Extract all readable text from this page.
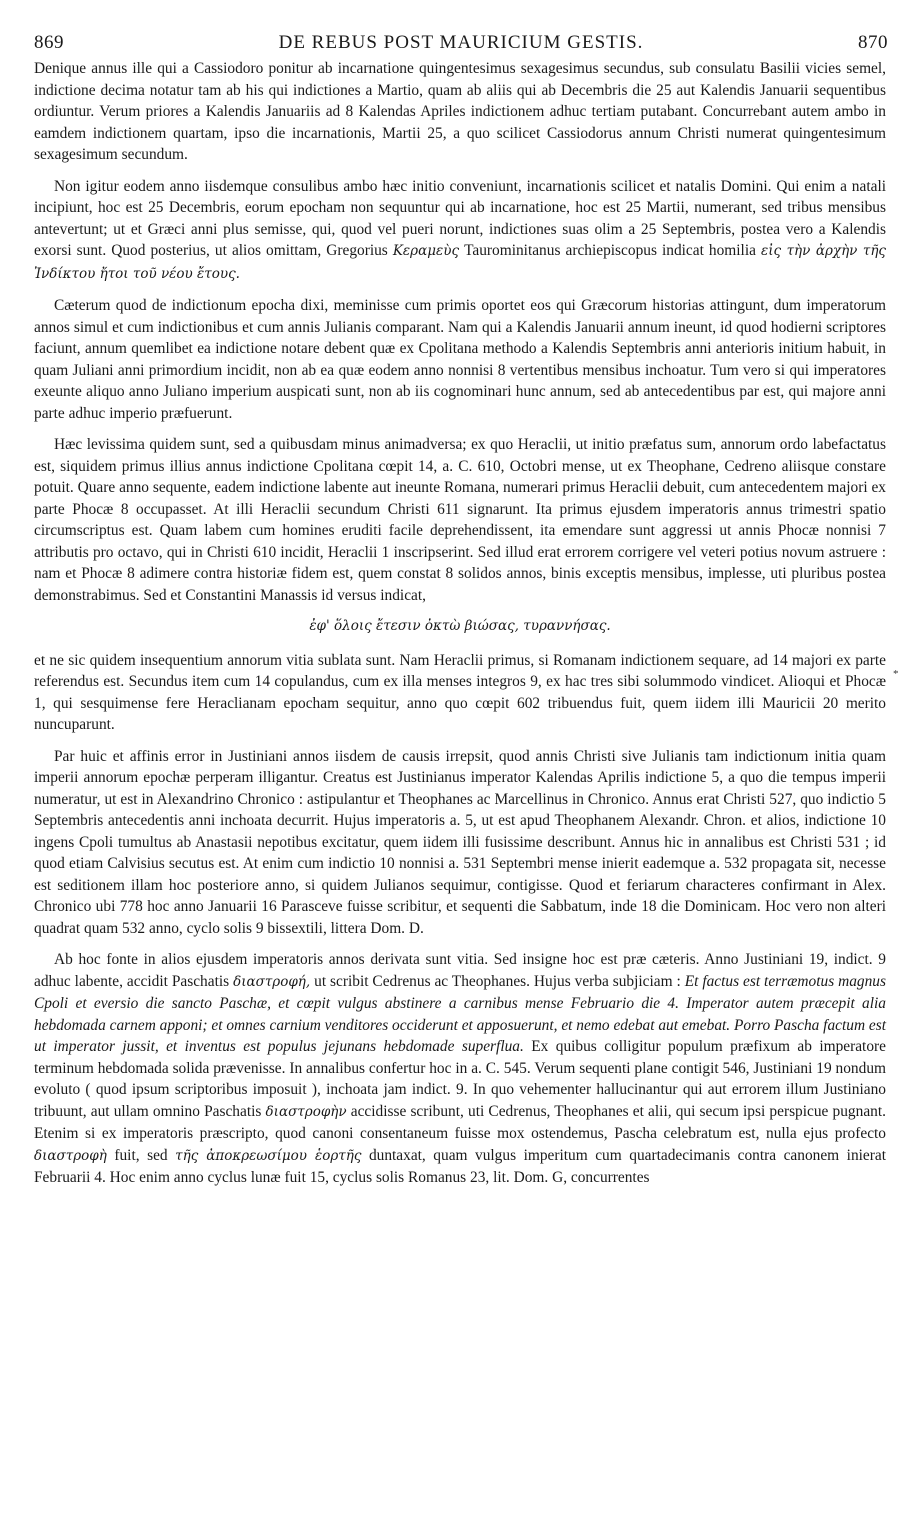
869	DE REBUS POST MAURICIUM GESTIS.	870

Denique annus ille qui a Cassiodoro ponitur ab incarnatione quingentesimus sexagesimus secundus, sub consulatu Basilii vicies semel, indictione decima notatur tam ab his qui indictiones a Martio, quam ab aliis qui ab Decembris die 25 aut Kalendis Januarii sequentibus ordiuntur. Verum priores a Kalendis Januariis ad 8 Kalendas Apriles indictionem adhuc tertiam putabant. Concurrebant autem ambo in eamdem indictionem quartam, ipso die incarnationis, Martii 25, a quo scilicet Cassiodorus annum Christi numerat quingentesimum sexagesimum secundum.

Non igitur eodem anno iisdemque consulibus ambo hæc initio conveniunt, incarnationis scilicet et natalis Domini. Qui enim a natali incipiunt, hoc est 25 Decembris, eorum epocham non sequuntur qui ab incarnatione, hoc est 25 Martii, numerant, sed tribus mensibus antevertunt; ut et Græci anni plus semisse, qui, quod vel pueri norunt, indictiones suas olim a 25 Septembris, postea vero a Kalendis exorsi sunt. Quod posterius, ut alios omittam, Gregorius Κεραμεὺς Taurominitanus archiepiscopus indicat homilia εἰς τὴν ἀρχὴν τῆς Ἰνδίκτου ἤτοι τοῦ νέου ἔτους.

Cæterum quod de indictionum epocha dixi, meminisse cum primis oportet eos qui Græcorum historias attingunt, dum imperatorum annos simul et cum indictionibus et cum annis Julianis comparant. Nam qui a Kalendis Januarii annum ineunt, id quod hodierni scriptores faciunt, annum quemlibet ea indictione notare debent quæ ex Cpolitana methodo a Kalendis Septembris anni anterioris initium habuit, in quam Juliani anni primordium incidit, non ab ea quæ eodem anno nonnisi 8 vertentibus mensibus inchoatur. Tum vero si qui imperatores exeunte aliquo anno Juliano imperium auspicati sunt, non ab iis cognominari hunc annum, sed ab antecedentibus par est, qui majore anni parte adhuc imperio præfuerunt.

Hæc levissima quidem sunt, sed a quibusdam minus animadversa; ex quo Heraclii, ut initio præfatus sum, annorum ordo labefactatus est, siquidem primus illius annus indictione Cpolitana cœpit 14, a. C. 610, Octobri mense, ut ex Theophane, Cedreno aliisque constare potuit. Quare anno sequente, eadem indictione labente aut ineunte Romana, numerari primus Heraclii debuit, cum antecedentem majori ex parte Phocæ 8 occupasset. At illi Heraclii secundum Christi 611 signarunt. Ita primus ejusdem imperatoris annus trimestri spatio circumscriptus est. Quam labem cum homines eruditi facile deprehendissent, ita emendare sunt aggressi ut annis Phocæ nonnisi 7 attributis pro octavo, qui in Christi 610 incidit, Heraclii 1 inscripserint. Sed illud erat errorem corrigere vel veteri potius novum astruere : nam et Phocæ 8 adimere contra historiæ fidem est, quem constat 8 solidos annos, binis exceptis mensibus, implesse, uti pluribus postea demonstrabimus. Sed et Constantini Manassis id versus indicat,

ἐφ' ὅλοις ἔτεσιν ὀκτὼ βιώσας, τυραννήσας.

et ne sic quidem insequentium annorum vitia sublata sunt. Nam Heraclii primus, si Romanam indictionem sequare, ad 14 majori ex parte referendus est. Secundus item cum 14 copulandus, cum ex illa menses integros 9, ex hac tres sibi solummodo vindicet. Alioqui et Phocæ 1, qui sesquimense fere Heraclianam epocham sequitur, anno quo cœpit 602 tribuendus fuit, quem iidem illi Mauricii 20 merito nuncuparunt.

Par huic et affinis error in Justiniani annos iisdem de causis irrepsit, quod annis Christi sive Julianis tam indictionum initia quam imperii annorum epochæ perperam illigantur. Creatus est Justinianus imperator Kalendas Aprilis indictione 5, a quo die tempus imperii numeratur, ut est in Alexandrino Chronico : astipulantur et Theophanes ac Marcellinus in Chronico. Annus erat Christi 527, quo indictio 5 Septembris antecedentis anni inchoata decurrit. Hujus imperatoris a. 5, ut est apud Theophanem Alexandr. Chron. et alios, indictione 10 ingens Cpoli tumultus ab Anastasii nepotibus excitatur, quem iidem illi fusissime describunt. Annus hic in annalibus est Christi 531 ; id quod etiam Calvisius secutus est. At enim cum indictio 10 nonnisi a. 531 Septembri mense inierit eademque a. 532 propagata sit, necesse est seditionem illam hoc posteriore anno, si quidem Julianos sequimur, contigisse. Quod et feriarum characteres confirmant in Alex. Chronico ubi 778 hoc anno Januarii 16 Parasceve fuisse scribitur, et sequenti die Sabbatum, inde 18 die Dominicam. Hoc vero non alteri quadrat quam 532 anno, cyclo solis 9 bissextili, littera Dom. D.

Ab hoc fonte in alios ejusdem imperatoris annos derivata sunt vitia. Sed insigne hoc est præ cæteris. Anno Justiniani 19, indict. 9 adhuc labente, accidit Paschatis διαστροφή, ut scribit Cedrenus ac Theophanes. Hujus verba subjiciam : Et factus est terræmotus magnus Cpoli et eversio die sancto Paschæ, et cœpit vulgus abstinere a carnibus mense Februario die 4. Imperator autem præcepit alia hebdomada carnem apponi; et omnes carnium venditores occiderunt et apposuerunt, et nemo edebat aut emebat. Porro Pascha factum est ut imperator jussit, et inventus est populus jejunans hebdomade superflua. Ex quibus colligitur populum præfixum ab imperatore terminum hebdomada solida prævenisse. In annalibus confertur hoc in a. C. 545. Verum sequenti plane contigit 546, Justiniani 19 nondum evoluto ( quod ipsum scriptoribus imposuit ), inchoata jam indict. 9. In quo vehementer hallucinantur qui aut errorem illum Justiniano tribuunt, aut ullam omnino Paschatis διαστροφὴν accidisse scribunt, uti Cedrenus, Theophanes et alii, qui secum ipsi perspicue pugnant. Etenim si ex imperatoris præscripto, quod canoni consentaneum fuisse mox ostendemus, Pascha celebratum est, nulla ejus profecto διαστροφὴ fuit, sed τῆς ἀποκρεωσίμου ἑορτῆς duntaxat, quam vulgus imperitum cum quartadecimanis contra canonem inierat Februarii 4. Hoc enim anno cyclus lunæ fuit 15, cyclus solis Romanus 23, lit. Dom. G, concurrentes

*
